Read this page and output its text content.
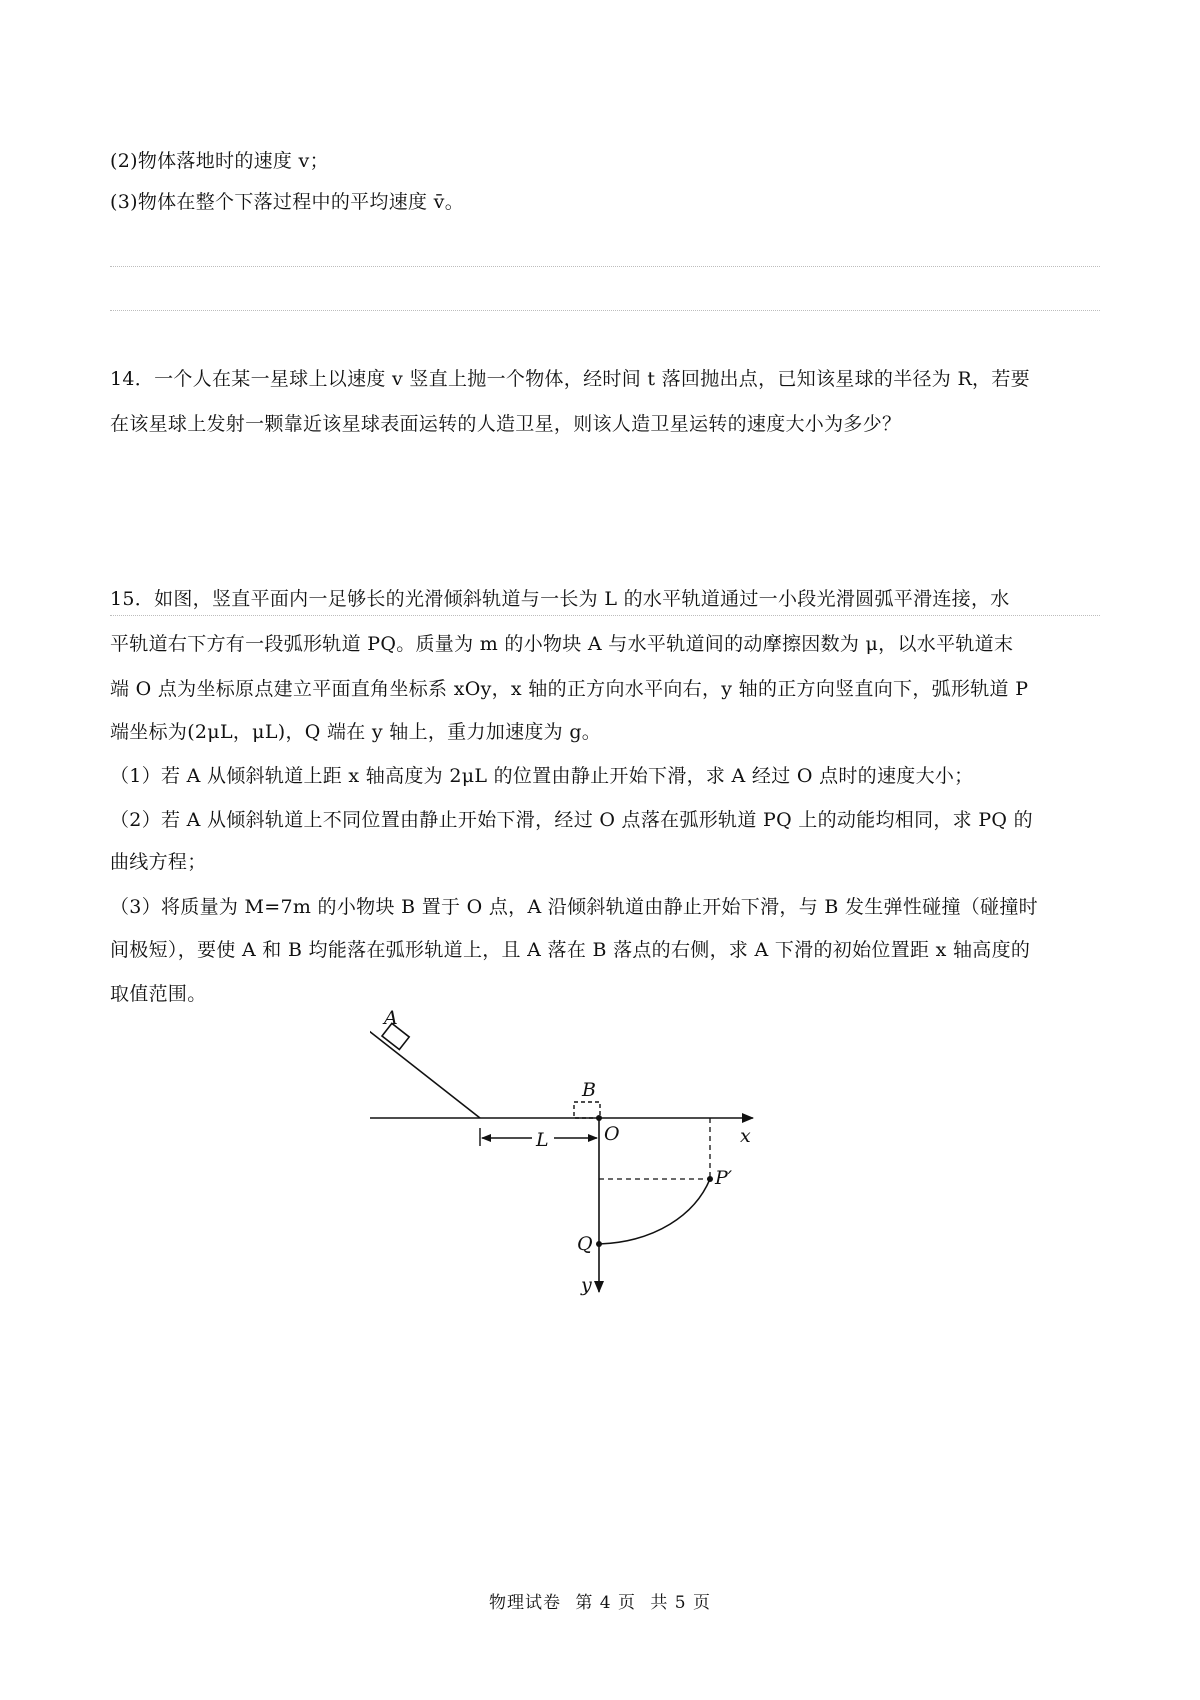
(2)物体落地时的速度 v；
(3)物体在整个下落过程中的平均速度 v̄。
14．一个人在某一星球上以速度 v 竖直上抛一个物体，经时间 t 落回抛出点，已知该星球的半径为 R，若要
在该星球上发射一颗靠近该星球表面运转的人造卫星，则该人造卫星运转的速度大小为多少？
15．如图，竖直平面内一足够长的光滑倾斜轨道与一长为 L 的水平轨道通过一小段光滑圆弧平滑连接，水
平轨道右下方有一段弧形轨道 PQ。质量为 m 的小物块 A 与水平轨道间的动摩擦因数为 μ，以水平轨道末
端 O 点为坐标原点建立平面直角坐标系 xOy，x 轴的正方向水平向右，y 轴的正方向竖直向下，弧形轨道 P
端坐标为(2μL，μL)，Q 端在 y 轴上，重力加速度为 g。
（1）若 A 从倾斜轨道上距 x 轴高度为 2μL 的位置由静止开始下滑，求 A 经过 O 点时的速度大小；
（2）若 A 从倾斜轨道上不同位置由静止开始下滑，经过 O 点落在弧形轨道 PQ 上的动能均相同，求 PQ 的
曲线方程；
（3）将质量为 M=7m 的小物块 B 置于 O 点，A 沿倾斜轨道由静止开始下滑，与 B 发生弹性碰撞（碰撞时
间极短），要使 A 和 B 均能落在弧形轨道上，且 A 落在 B 落点的右侧，求 A 下滑的初始位置距 x 轴高度的
取值范围。
A
x
B
L	O
y
P′
Q
物理试卷 第 4 页 共 5 页
